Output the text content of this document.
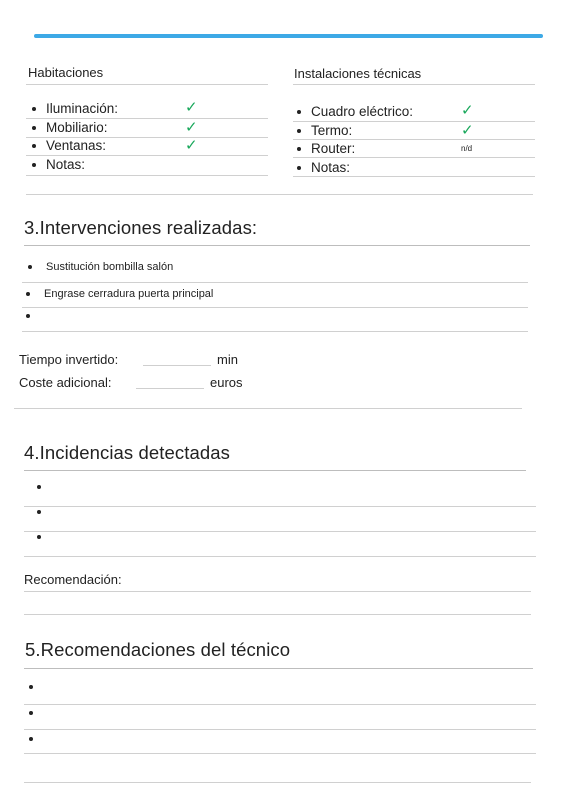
Habitaciones
Iluminación:	✓
Mobiliario:	✓
Ventanas:	✓
Notas:
Instalaciones técnicas
Cuadro eléctrico:	✓
Termo:	✓
Router:	n/d
Notas:
3.Intervenciones realizadas:
Sustitución bombilla salón
Engrase cerradura puerta principal
Tiempo invertido:	min
Coste adicional:	euros
4.Incidencias detectadas
Recomendación:
5.Recomendaciones del técnico
